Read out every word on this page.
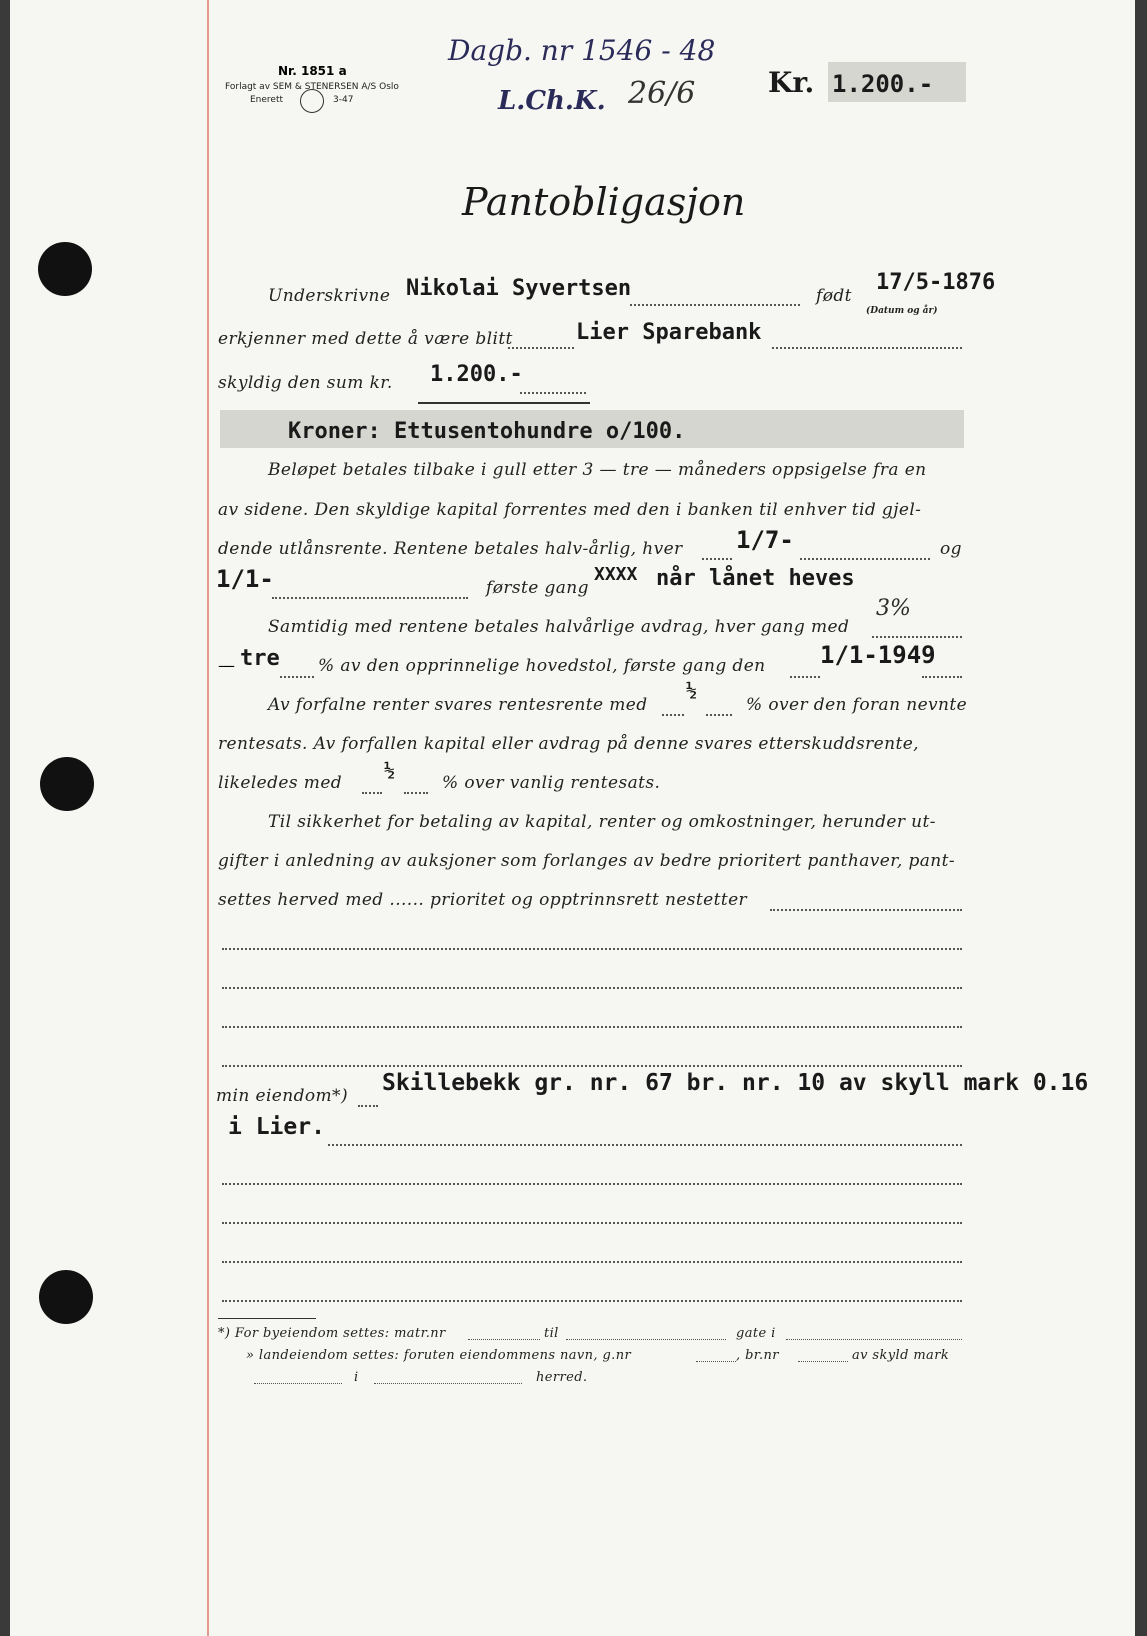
Nr. 1851 a
Forlagt av SEM & STENERSEN A/S Oslo
Enerett	3-47
Dagb. nr 1546 - 48
L.Ch.K. 26/6	Kr. 1.200.-
Pantobligasjon
Underskrivne Nikolai Syvertsen	født
17/5-1876
(Datum og år)
erkjenner med dette å være blitt	Lier Sparebank
skyldig den sum kr. 1.200.-
Kroner: Ettusentohundre o/100.
Beløpet betales tilbake i gull etter 3 — tre — måneders oppsigelse fra en
av sidene. Den skyldige kapital forrentes med den i banken til enhver tid gjel-
dende utlånsrente. Rentene betales halv-årlig, hver 1/7-	og
1/1-	første gang
XXXX når lånet heves
Samtidig med rentene betales halvårlige avdrag, hver gang med
3%
— tre % av den opprinnelige hovedstol, første gang den 1/1-1949
Av forfalne renter svares rentesrente med
½
% over den foran nevnte
rentesats. Av forfallen kapital eller avdrag på denne svares etterskuddsrente,
likeledes med
½
% over vanlig rentesats.
Til sikkerhet for betaling av kapital, renter og omkostninger, herunder ut-
gifter i anledning av auksjoner som forlanges av bedre prioritert panthaver, pant-
settes herved med ...... prioritet og opptrinnsrett nestetter
min eiendom*) Skillebekk gr. nr. 67 br. nr. 10 av skyll mark 0.16
i Lier.
*) For byeiendom settes: matr.nr	til	gate i
» landeiendom settes: foruten eiendommens navn, g.nr	, br.nr	av skyld mark
i	herred.
